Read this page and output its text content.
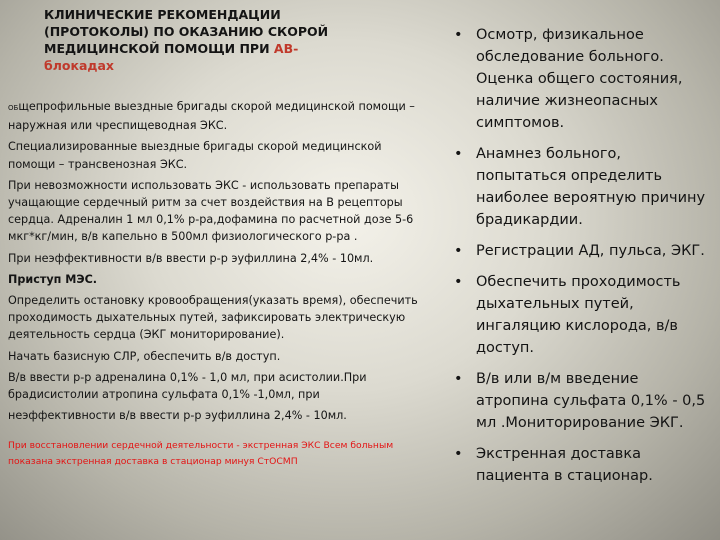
КЛИНИЧЕСКИЕ РЕКОМЕНДАЦИИ (ПРОТОКОЛЫ) ПО ОКАЗАНИЮ СКОРОЙ МЕДИЦИНСКОЙ ПОМОЩИ ПРИ АВ-блокадах

ОБщепрофильные выездные бригады скорой медицинской помощи – наружная или чреспищеводная ЭКС.

Специализированные выездные бригады скорой медицинской помощи – трансвенозная ЭКС.

При невозможности использовать ЭКС - использовать препараты учащающие сердечный ритм за счет воздействия на В рецепторы сердца. Адреналин 1 мл 0,1% р-ра,дофамина по расчетной дозе 5-6 мкг*кг/мин, в/в капельно в 500мл физиологического р-ра .

При неэффективности в/в ввести р-р эуфиллина 2,4% - 10мл.

Приступ МЭС.

Определить остановку кровообращения(указать время), обеспечить проходимость дыхательных путей, зафиксировать электрическую деятельность сердца (ЭКГ мониторирование).

Начать базисную СЛР, обеспечить в/в доступ.

В/в ввести р-р адреналина 0,1% - 1,0 мл, при асистолии.При брадисистолии атропина сульфата 0,1% -1,0мл, при

неэффективности в/в ввести р-р эуфиллина 2,4% - 10мл.

При восстановлении сердечной деятельности - экстренная ЭКС Всем больным показана экстренная доставка в стационар минуя СтОСМП

• Осмотр, физикальное обследование больного. Оценка общего состояния, наличие жизнеопасных симптомов.
• Анамнез больного, попытаться определить наиболее вероятную причину брадикардии.
• Регистрации АД, пульса, ЭКГ.
• Обеспечить проходимость дыхательных путей, ингаляцию кислорода, в/в доступ.
• В/в или в/м введение атропина сульфата 0,1% - 0,5 мл .Мониторирование ЭКГ.
• Экстренная доставка пациента в стационар.
